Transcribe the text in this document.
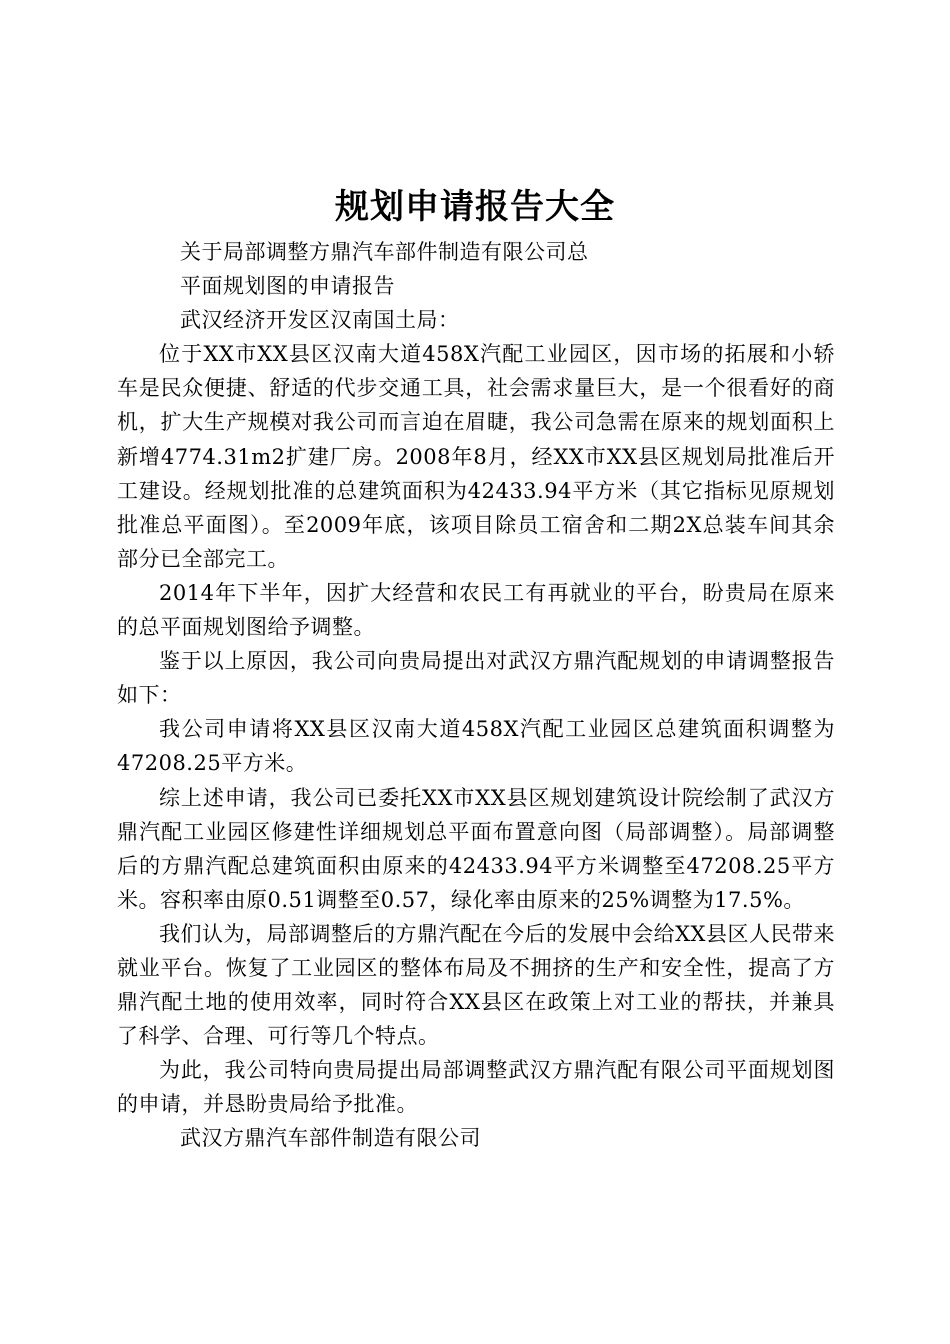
规划申请报告大全

关于局部调整方鼎汽车部件制造有限公司总

平面规划图的申请报告

武汉经济开发区汉南国土局：

位于XX市XX县区汉南大道458X汽配工业园区，因市场的拓展和小轿车是民众便捷、舒适的代步交通工具，社会需求量巨大，是一个很看好的商机，扩大生产规模对我公司而言迫在眉睫，我公司急需在原来的规划面积上新增4774.31m2扩建厂房。2008年8月，经XX市XX县区规划局批准后开工建设。经规划批准的总建筑面积为42433.94平方米（其它指标见原规划批准总平面图）。至2009年底，该项目除员工宿舍和二期2X总装车间其余部分已全部完工。

2014年下半年，因扩大经营和农民工有再就业的平台，盼贵局在原来的总平面规划图给予调整。

鉴于以上原因，我公司向贵局提出对武汉方鼎汽配规划的申请调整报告如下：

我公司申请将XX县区汉南大道458X汽配工业园区总建筑面积调整为47208.25平方米。

综上述申请，我公司已委托XX市XX县区规划建筑设计院绘制了武汉方鼎汽配工业园区修建性详细规划总平面布置意向图（局部调整）。局部调整后的方鼎汽配总建筑面积由原来的42433.94平方米调整至47208.25平方米。容积率由原0.51调整至0.57，绿化率由原来的25%调整为17.5%。

我们认为，局部调整后的方鼎汽配在今后的发展中会给XX县区人民带来就业平台。恢复了工业园区的整体布局及不拥挤的生产和安全性，提高了方鼎汽配土地的使用效率，同时符合XX县区在政策上对工业的帮扶，并兼具了科学、合理、可行等几个特点。

为此，我公司特向贵局提出局部调整武汉方鼎汽配有限公司平面规划图的申请，并恳盼贵局给予批准。

武汉方鼎汽车部件制造有限公司
